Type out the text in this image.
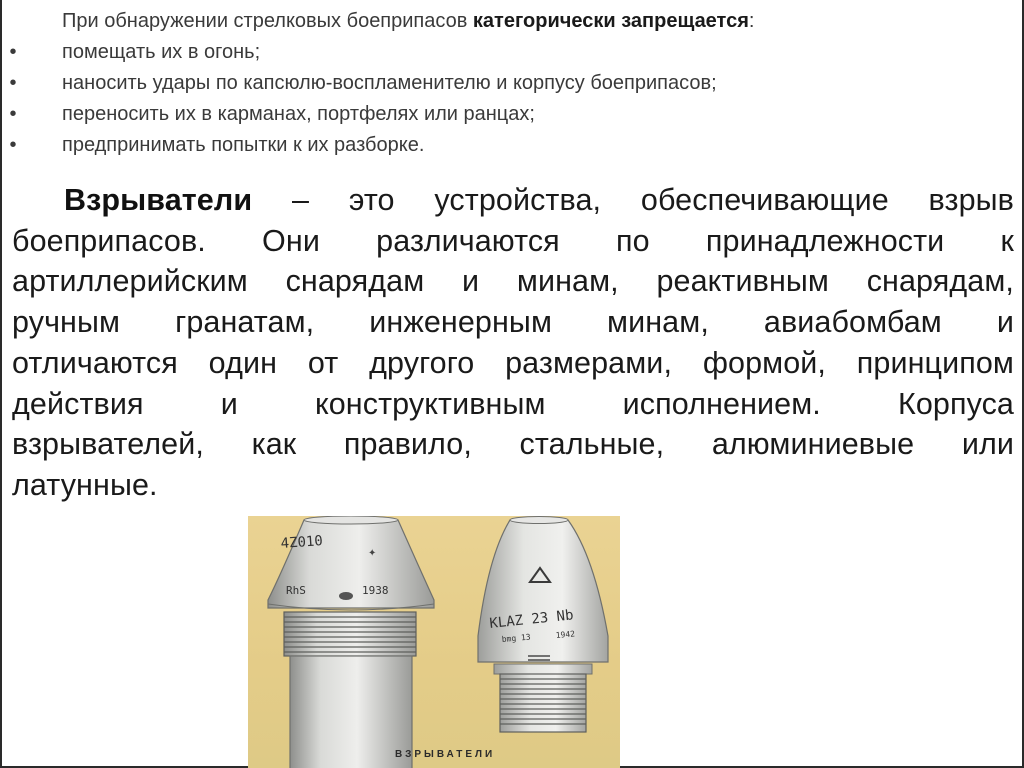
При обнаружении стрелковых боеприпасов категорически запрещается:
• помещать их в огонь;
• наносить удары по капсюлю-воспламенителю и корпусу боеприпасов;
• переносить их в карманах, портфелях или ранцах;
• предпринимать попытки к их разборке.
Взрыватели – это устройства, обеспечивающие взрыв
боеприпасов. Они различаются по принадлежности к
артиллерийским снарядам и минам, реактивным снарядам,
ручным гранатам, инженерным минам, авиабомбам и
отличаются один от другого размерами, формой, принципом
действия и конструктивным исполнением. Корпуса
взрывателей, как правило, стальные, алюминиевые или
латунные.
4Z010
RhS	1938
✦
KLAZ 23 Nb
bmg 13	1942
ВЗРЫВАТЕЛИ
